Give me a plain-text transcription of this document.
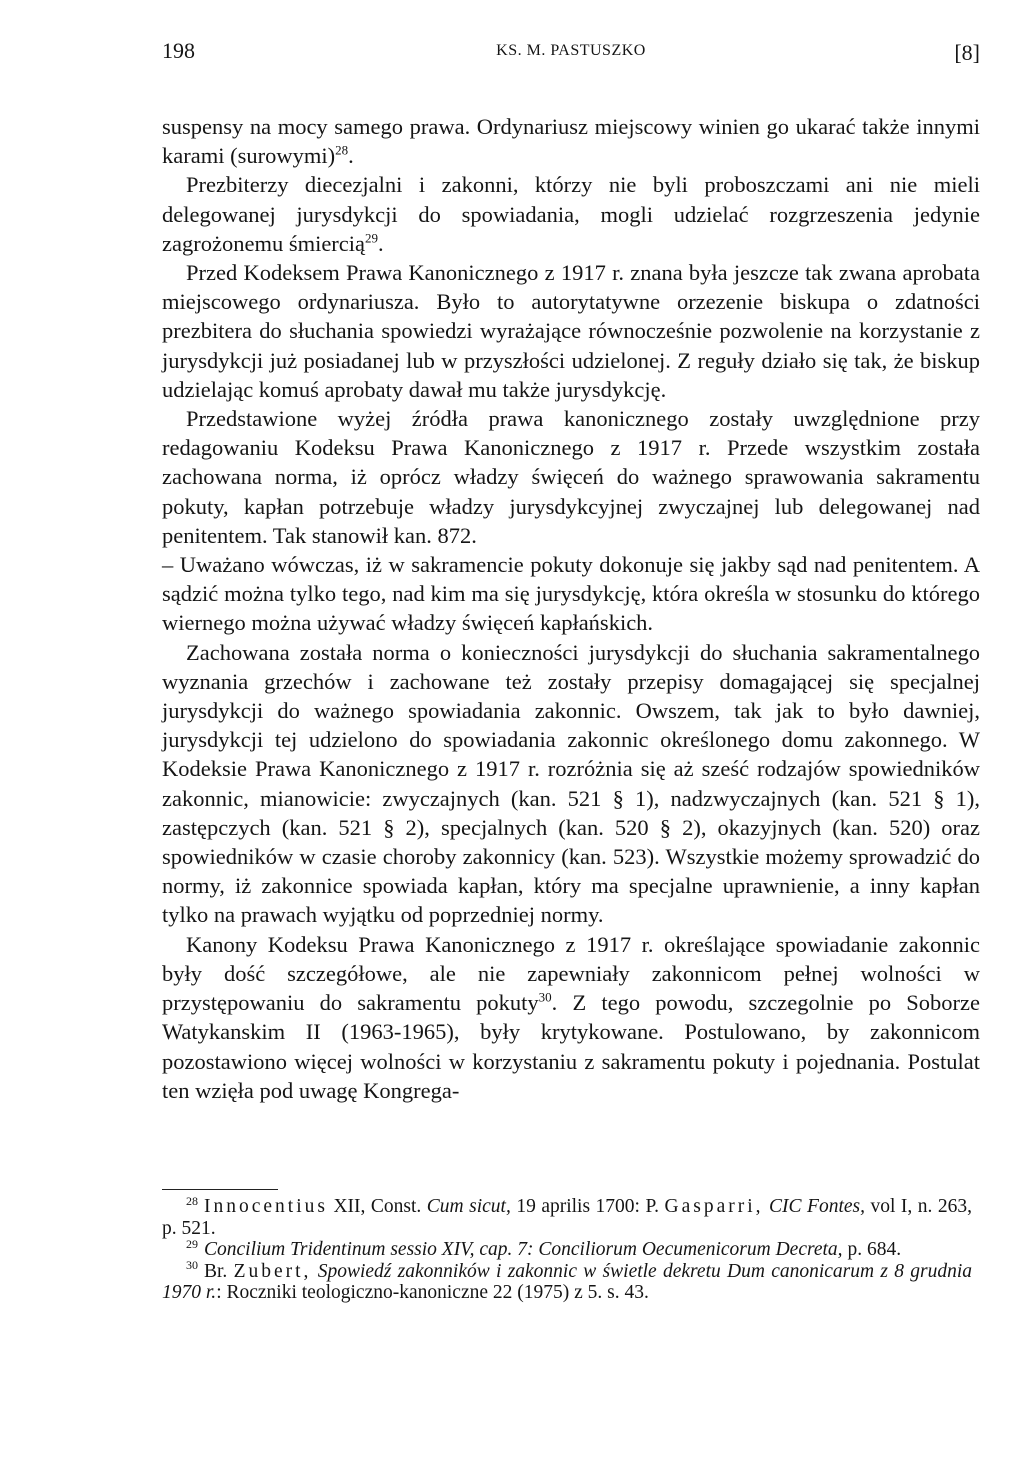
198	KS. M. PASTUSZKO	[8]

suspensy na mocy samego prawa. Ordynariusz miejscowy winien go ukarać także innymi karami (surowymi)$^{28}$.

Prezbiterzy diecezjalni i zakonni, którzy nie byli proboszczami ani nie mieli delegowanej jurysdykcji do spowiadania, mogli udzielać rozgrzeszenia jedynie zagrożonemu śmiercią$^{29}$.

Przed Kodeksem Prawa Kanonicznego z 1917 r. znana była jeszcze tak zwana aprobata miejscowego ordynariusza. Było to autorytatywne orzezenie biskupa o zdatności prezbitera do słuchania spowiedzi wyrażające równocześnie pozwolenie na korzystanie z jurysdykcji już posiadanej lub w przyszłości udzielonej. Z reguły działo się tak, że biskup udzielając komuś aprobaty dawał mu także jurysdykcję.

Przedstawione wyżej źródła prawa kanonicznego zostały uwzględnione przy redagowaniu Kodeksu Prawa Kanonicznego z 1917 r. Przede wszystkim została zachowana norma, iż oprócz władzy święceń do ważnego sprawowania sakramentu pokuty, kapłan potrzebuje władzy jurysdykcyjnej zwyczajnej lub delegowanej nad penitentem. Tak stanowił kan. 872.

– Uważano wówczas, iż w sakramencie pokuty dokonuje się jakby sąd nad penitentem. A sądzić można tylko tego, nad kim ma się jurysdykcję, która określa w stosunku do którego wiernego można używać władzy święceń kapłańskich.

Zachowana została norma o konieczności jurysdykcji do słuchania sakramentalnego wyznania grzechów i zachowane też zostały przepisy domagającej się specjalnej jurysdykcji do ważnego spowiadania zakonnic. Owszem, tak jak to było dawniej, jurysdykcji tej udzielono do spowiadania zakonnic określonego domu zakonnego. W Kodeksie Prawa Kanonicznego z 1917 r. rozróżnia się aż sześć rodzajów spowiedników zakonnic, mianowicie: zwyczajnych (kan. 521 § 1), nadzwyczajnych (kan. 521 § 1), zastępczych (kan. 521 § 2), specjalnych (kan. 520 § 2), okazyjnych (kan. 520) oraz spowiedników w czasie choroby zakonnicy (kan. 523). Wszystkie możemy sprowadzić do normy, iż zakonnice spowiada kapłan, który ma specjalne uprawnienie, a inny kapłan tylko na prawach wyjątku od poprzedniej normy.

Kanony Kodeksu Prawa Kanonicznego z 1917 r. określające spowiadanie zakonnic były dość szczegółowe, ale nie zapewniały zakonnicom pełnej wolności w przystępowaniu do sakramentu pokuty$^{30}$. Z tego powodu, szczegolnie po Soborze Watykanskim II (1963-1965), były krytykowane. Postulowano, by zakonnicom pozostawiono więcej wolności w korzystaniu z sakramentu pokuty i pojednania. Postulat ten wzięła pod uwagę Kongrega-

$^{28}$ Innocentius XII, Const. Cum sicut, 19 aprilis 1700: P. Gasparri, CIC Fontes, vol I, n. 263, p. 521.

$^{29}$ Concilium Tridentinum sessio XIV, cap. 7: Conciliorum Oecumenicorum Decreta, p. 684.

$^{30}$ Br. Zubert, Spowiedź zakonników i zakonnic w świetle dekretu Dum canonicarum z 8 grudnia 1970 r.: Roczniki teologiczno-kanoniczne 22 (1975) z 5. s. 43.
